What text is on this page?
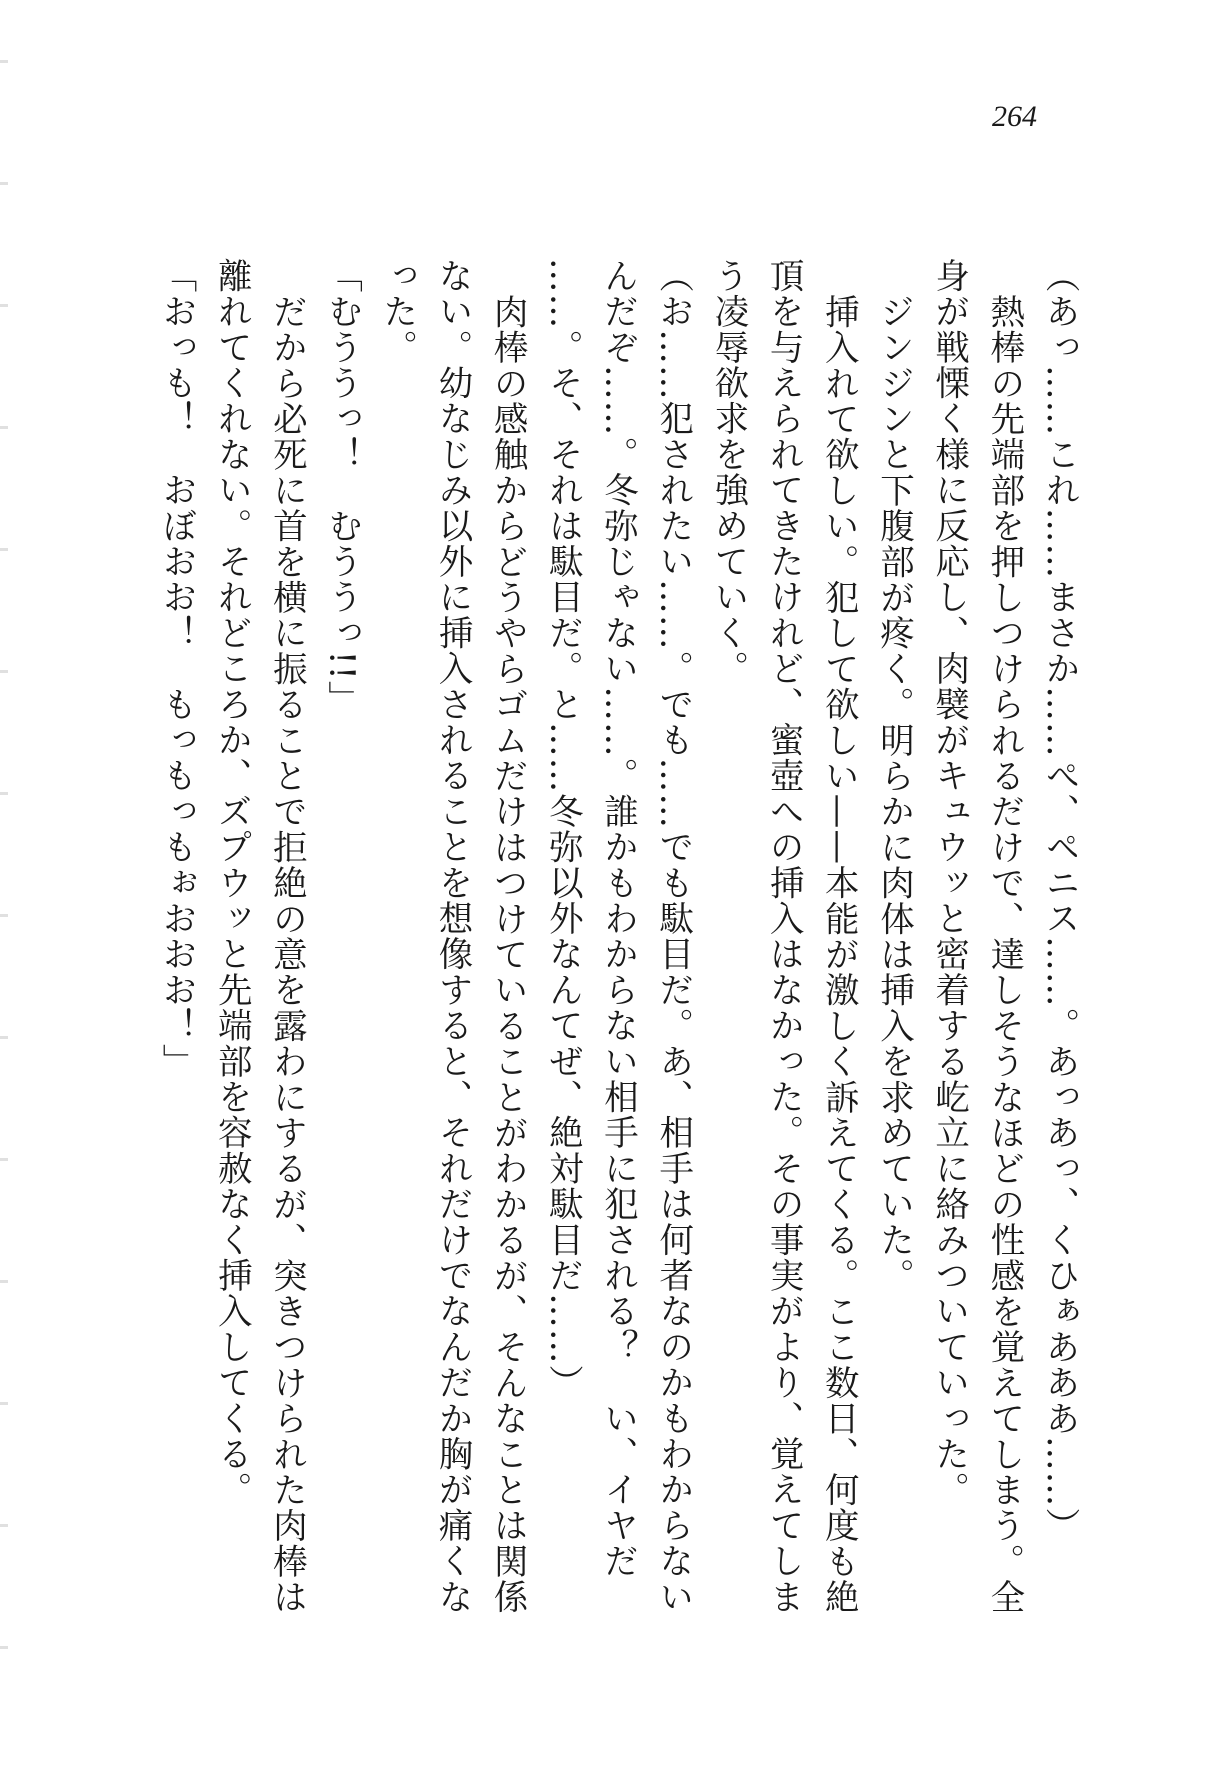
264
（あっ……これ……まさか……ぺ、ペニス……。あっあっ、くひぁあああ……）
熱棒の先端部を押しつけられるだけで、達しそうなほどの性感を覚えてしまう。全
身が戦慄く様に反応し、肉襞がキュウッと密着する屹立に絡みついていった。
ジンジンと下腹部が疼く。明らかに肉体は挿入を求めていた。
挿入れて欲しい。犯して欲しい——本能が激しく訴えてくる。ここ数日、何度も絶
頂を与えられてきたけれど、蜜壺への挿入はなかった。その事実がより、覚えてしま
う凌辱欲求を強めていく。
（お……犯されたい……。でも……でも駄目だ。あ、相手は何者なのかもわからない
んだぞ……。冬弥じゃない……。誰かもわからない相手に犯される？　い、イヤだ
……。そ、それは駄目だ。と……冬弥以外なんてぜ、絶対駄目だ……）
肉棒の感触からどうやらゴムだけはつけていることがわかるが、そんなことは関係
ない。幼なじみ以外に挿入されることを想像すると、それだけでなんだか胸が痛くな
った。
「むううっ！　むううっ!!」
だから必死に首を横に振ることで拒絶の意を露わにするが、突きつけられた肉棒は
離れてくれない。それどころか、ズプウッと先端部を容赦なく挿入してくる。
「おっも！　おぼおお！　もっもっもぉおおお！」
